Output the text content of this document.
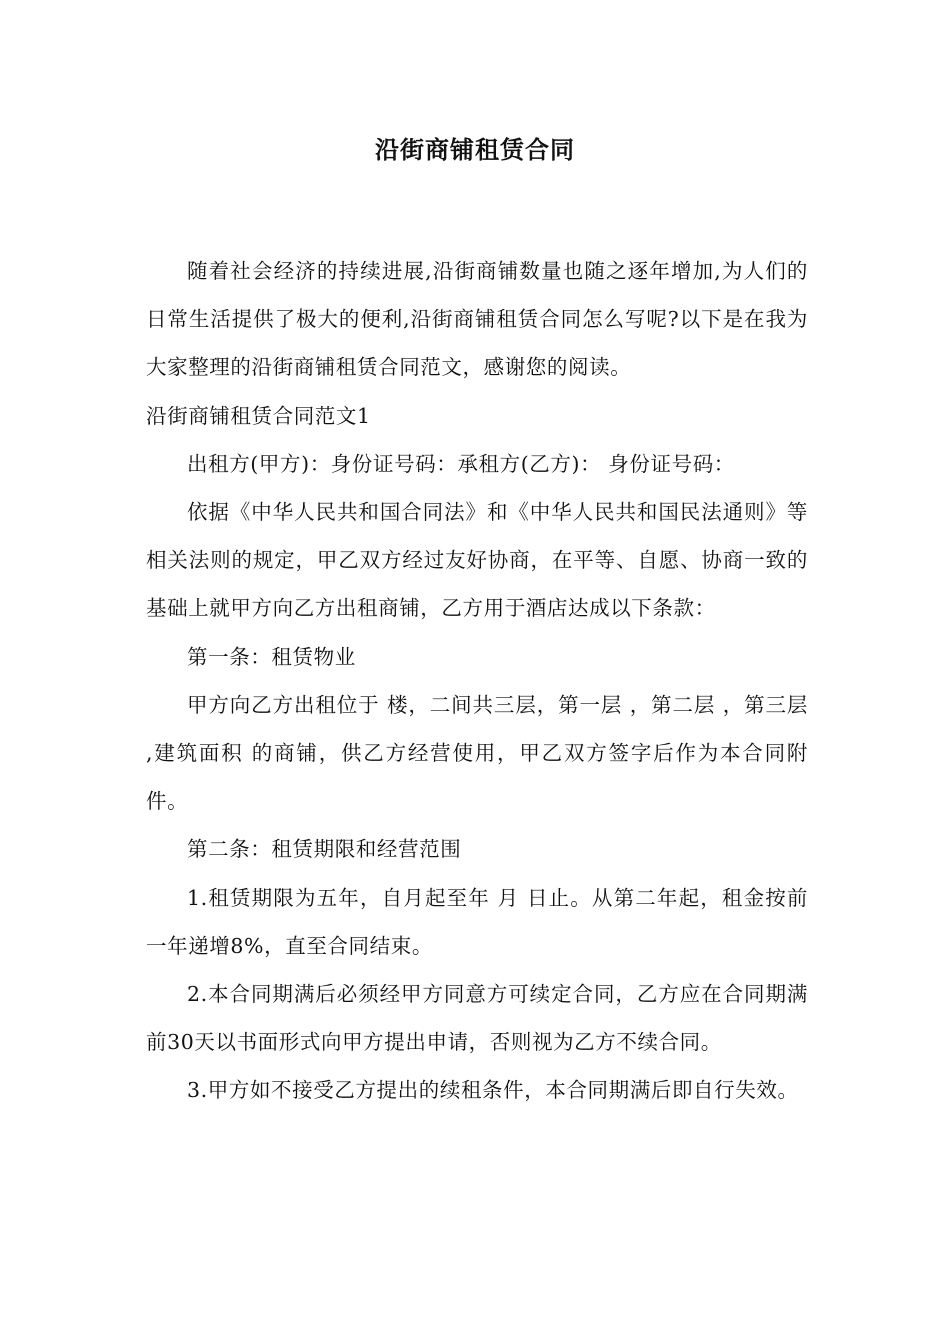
沿街商铺租赁合同

随着社会经济的持续进展,沿街商铺数量也随之逐年增加,为人们的日常生活提供了极大的便利,沿街商铺租赁合同怎么写呢?以下是在我为大家整理的沿街商铺租赁合同范文，感谢您的阅读。

沿街商铺租赁合同范文1

出租方(甲方)：身份证号码：承租方(乙方)： 身份证号码：

依据《中华人民共和国合同法》和《中华人民共和国民法通则》等相关法则的规定，甲乙双方经过友好协商，在平等、自愿、协商一致的基础上就甲方向乙方出租商铺，乙方用于酒店达成以下条款：

第一条：租赁物业

甲方向乙方出租位于 楼，二间共三层，第一层 ，第二层 ，第三层 ,建筑面积 的商铺，供乙方经营使用，甲乙双方签字后作为本合同附件。

第二条：租赁期限和经营范围

1.租赁期限为五年，自月起至年 月 日止。从第二年起，租金按前一年递增8%，直至合同结束。

2.本合同期满后必须经甲方同意方可续定合同，乙方应在合同期满前30天以书面形式向甲方提出申请，否则视为乙方不续合同。

3.甲方如不接受乙方提出的续租条件，本合同期满后即自行失效。
